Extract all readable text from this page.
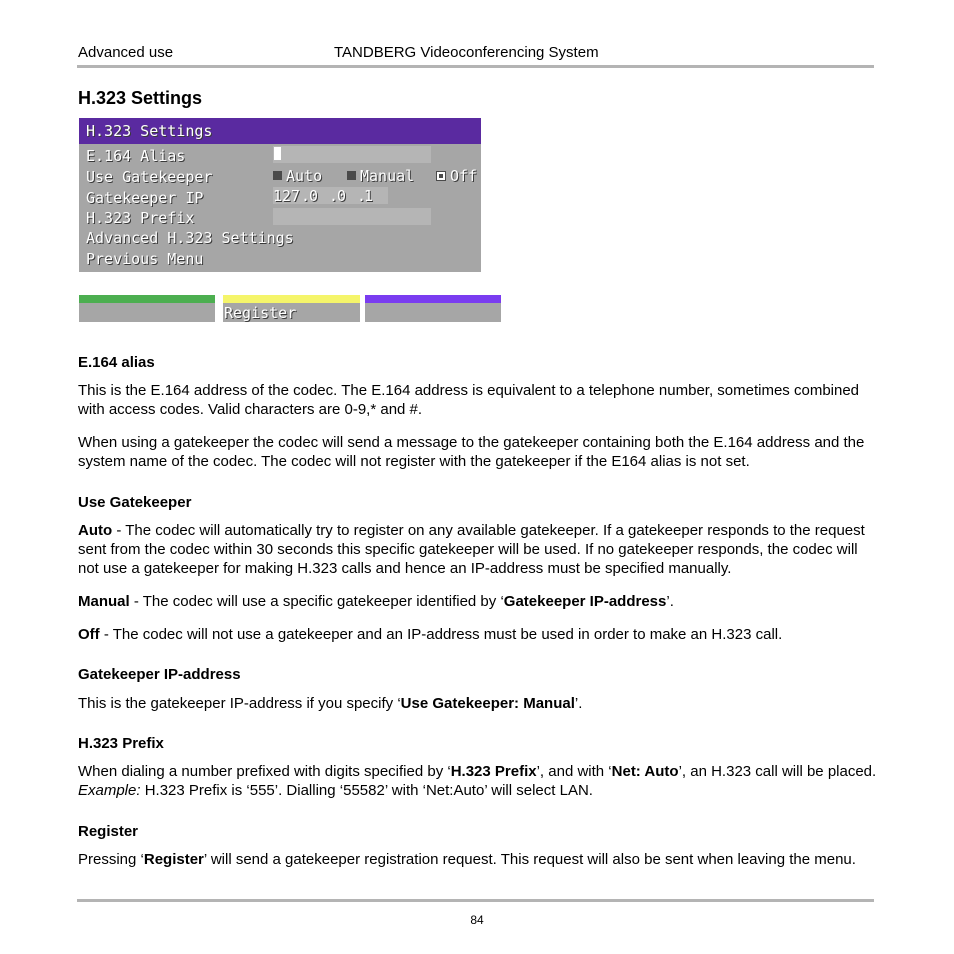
Advanced use	TANDBERG Videoconferencing System
H.323 Settings
H.323 Settings
E.164 Alias
Use Gatekeeper
Gatekeeper IP
H.323 Prefix
Advanced H.323 Settings
Previous Menu
Auto	Manual Off
127 .
0 .
0 .
1
Register
E.164 alias
This is the E.164 address of the codec. The E.164 address is equivalent to a telephone number, sometimes combined with access codes. Valid characters are 0-9,* and #.
When using a gatekeeper the codec will send a message to the gatekeeper containing both the E.164 address and the system name of the codec. The codec will not register with the gatekeeper if the E164 alias is not set.
Use Gatekeeper
Auto - The codec will automatically try to register on any available gatekeeper. If a gatekeeper responds to the request sent from the codec within 30 seconds this specific gatekeeper will be used. If no gatekeeper responds, the codec will not use a gatekeeper for making H.323 calls and hence an IP-address must be specified manually.
Manual - The codec will use a specific gatekeeper identified by ‘Gatekeeper IP-address’.
Off - The codec will not use a gatekeeper and an IP-address must be used in order to make an H.323 call.
Gatekeeper IP-address
This is the gatekeeper IP-address if you specify ‘Use Gatekeeper: Manual’.
H.323 Prefix
When dialing a number prefixed with digits specified by ‘H.323 Prefix’, and with ‘Net: Auto’, an H.323 call will be placed. Example: H.323 Prefix is ‘555’. Dialling ‘55582’ with ‘Net:Auto’ will select LAN.
Register
Pressing ‘Register’ will send a gatekeeper registration request. This request will also be sent when leaving the menu.
84
